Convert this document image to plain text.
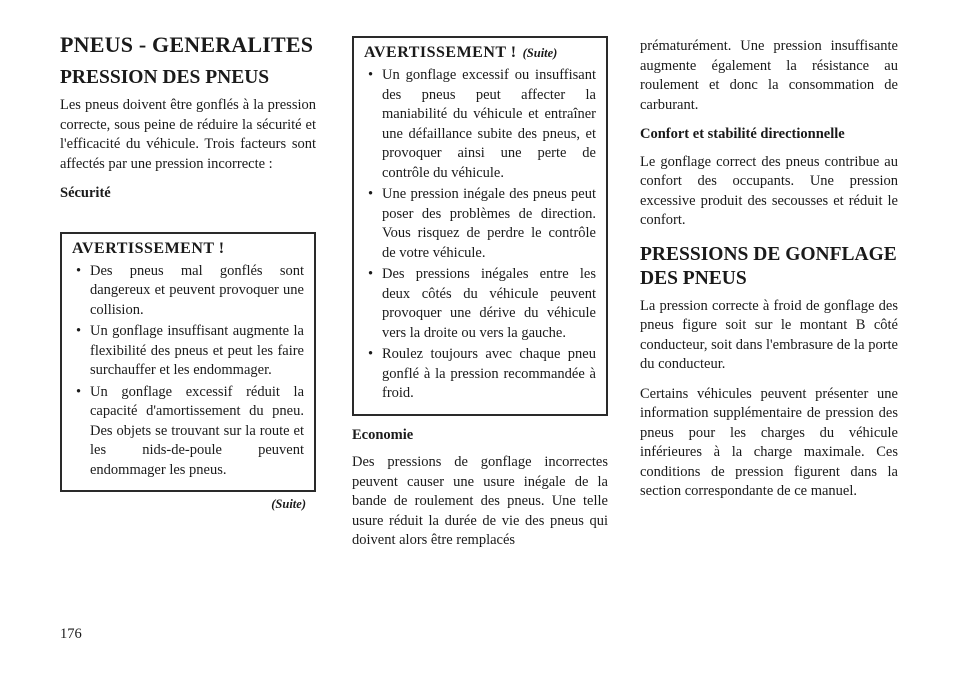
PNEUS - GENERALITES
PRESSION DES PNEUS

Les pneus doivent être gonflés à la pression correcte, sous peine de réduire la sécurité et l'efficacité du véhicule. Trois facteurs sont affectés par une pression incorrecte :

Sécurité

AVERTISSEMENT !
• Des pneus mal gonflés sont dangereux et peuvent provoquer une collision.
• Un gonflage insuffisant augmente la flexibilité des pneus et peut les faire surchauffer et les endommager.
• Un gonflage excessif réduit la capacité d'amortissement du pneu. Des objets se trouvant sur la route et les nids-de-poule peuvent endommager les pneus.
(Suite)
AVERTISSEMENT ! (Suite)
• Un gonflage excessif ou insuffisant des pneus peut affecter la maniabilité du véhicule et entraîner une défaillance subite des pneus, et provoquer ainsi une perte de contrôle du véhicule.
• Une pression inégale des pneus peut poser des problèmes de direction. Vous risquez de perdre le contrôle de votre véhicule.
• Des pressions inégales entre les deux côtés du véhicule peuvent provoquer une dérive du véhicule vers la droite ou vers la gauche.
• Roulez toujours avec chaque pneu gonflé à la pression recommandée à froid.

Economie

Des pressions de gonflage incorrectes peuvent causer une usure inégale de la bande de roulement des pneus. Une telle usure réduit la durée de vie des pneus qui doivent alors être remplacés

prématurément. Une pression insuffisante augmente également la résistance au roulement et donc la consommation de carburant.

Confort et stabilité directionnelle

Le gonflage correct des pneus contribue au confort des occupants. Une pression excessive produit des secousses et réduit le confort.

PRESSIONS DE GONFLAGE
DES PNEUS

La pression correcte à froid de gonflage des pneus figure soit sur le montant B côté conducteur, soit dans l'embrasure de la porte du conducteur.

Certains véhicules peuvent présenter une information supplémentaire de pression des pneus pour les charges du véhicule inférieures à la charge maximale. Ces conditions de pression figurent dans la section correspondante de ce manuel.

176
